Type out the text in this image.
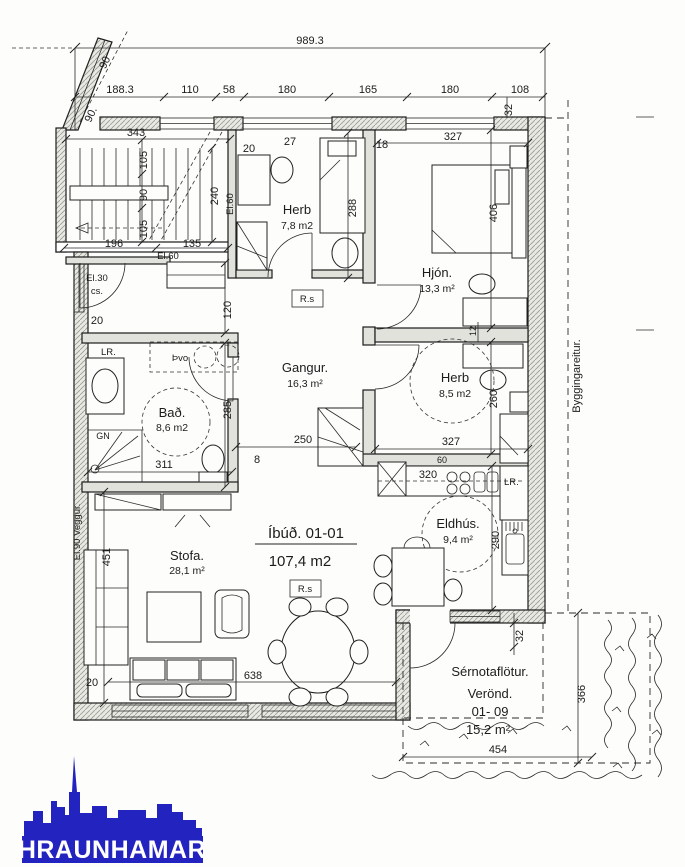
989.3
188.3	110 58	180	165	180	108
32
327
18
27
20
343
105
90
105
90
90.
240
196	135
288
120
20
285
250
8
311
406
12
260
327
320
60
290
32
451
20
638
454
366
Herb
7,8 m2
Hjón.
13,3 m²
Herb
8,5 m2
Gangur.
16,3 m²
Bað.
8,6 m2
Eldhús.
9,4 m²
Stofa.
28,1 m²
Íbúð. 01-01
107,4 m2
R.s
R.s
Sérnotaflötur.
Verönd.
01- 09
15,2 m²
Byggingareitur.
El.90 Veggur.
El.60
El.60
El.30
cs.
LR.
LR.
Þvo
GN
HRAUNHAMAR
